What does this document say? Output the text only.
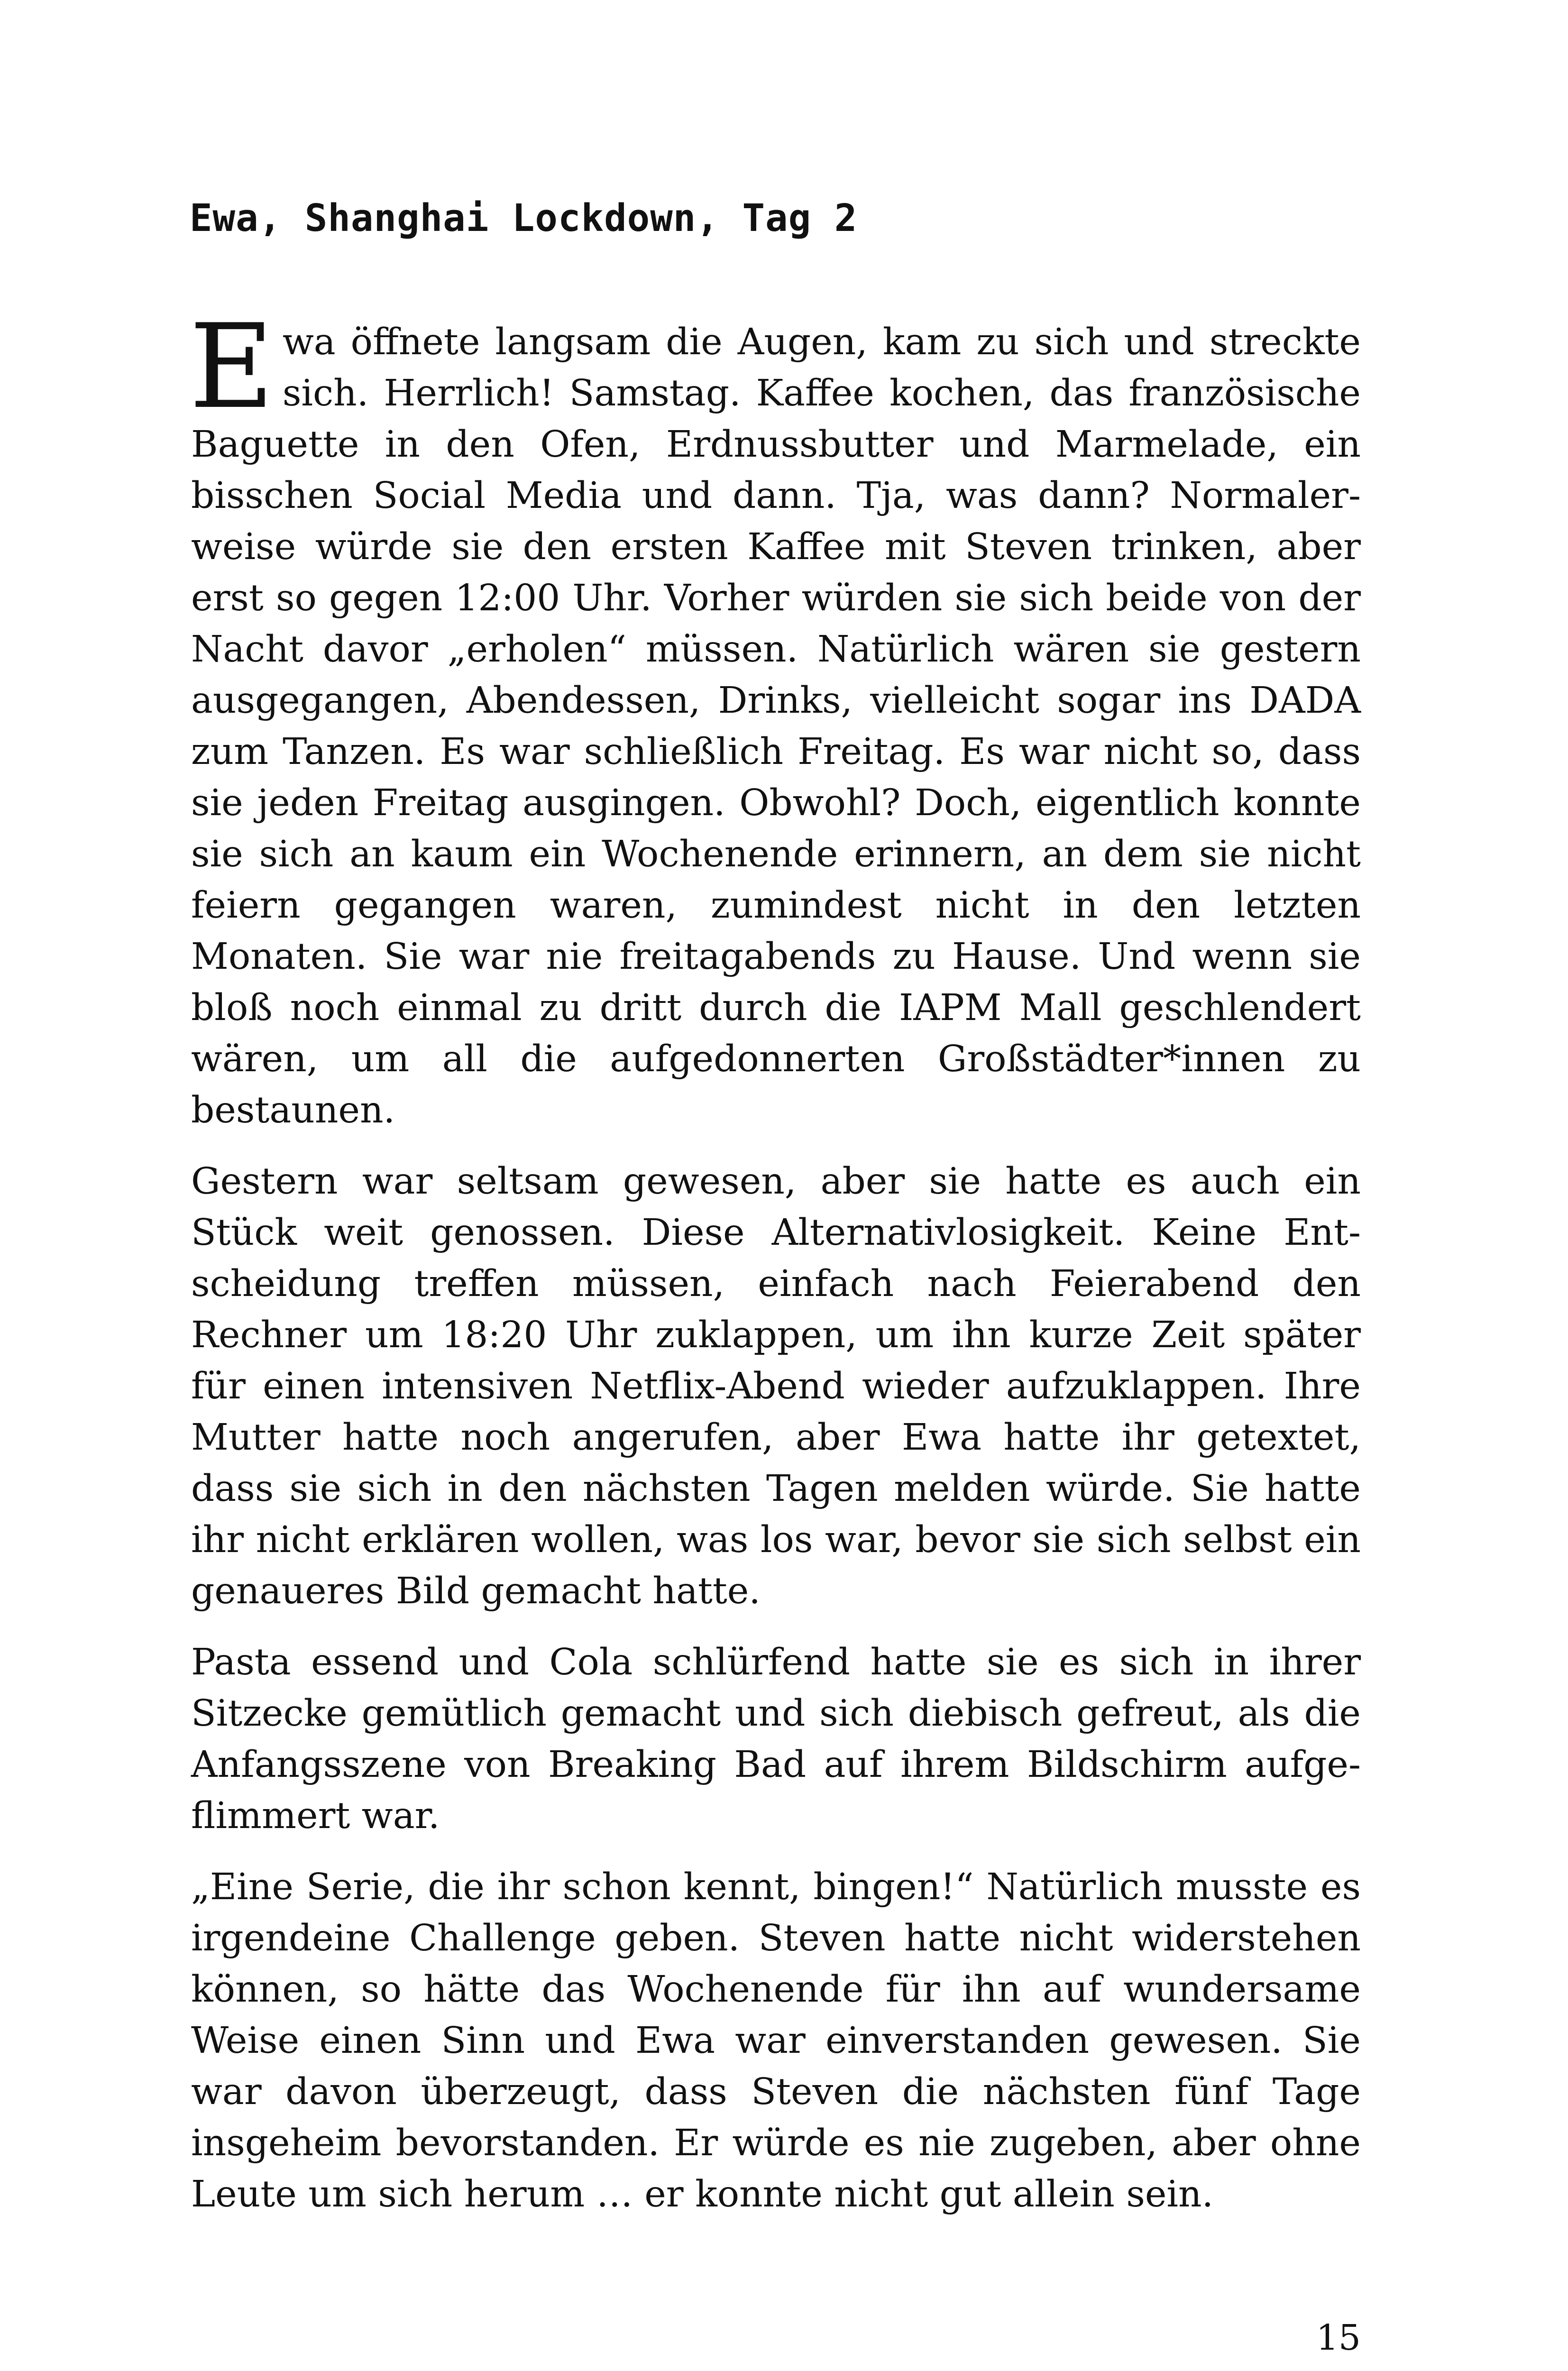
Ewa, Shanghai Lockdown, Tag 2

Ewa öffnete langsam die Augen, kam zu sich und streckte sich. Herrlich! Samstag. Kaffee kochen, das französische Baguette in den Ofen, Erdnussbutter und Marmelade, ein bisschen Social Media und dann. Tja, was dann? Normalerweise würde sie den ersten Kaffee mit Steven trinken, aber erst so gegen 12:00 Uhr. Vorher würden sie sich beide von der Nacht davor „erholen“ müssen. Natürlich wären sie gestern ausgegangen, Abendessen, Drinks, vielleicht sogar ins DADA zum Tanzen. Es war schließlich Freitag. Es war nicht so, dass sie jeden Freitag ausgingen. Obwohl? Doch, eigentlich konnte sie sich an kaum ein Wochenende erinnern, an dem sie nicht feiern gegangen waren, zumindest nicht in den letzten Monaten. Sie war nie freitagabends zu Hause. Und wenn sie bloß noch einmal zu dritt durch die IAPM Mall geschlendert wären, um all die aufgedonnerten Großstädter*innen zu bestaunen.

Gestern war seltsam gewesen, aber sie hatte es auch ein Stück weit genossen. Diese Alternativlosigkeit. Keine Entscheidung treffen müssen, einfach nach Feierabend den Rechner um 18:20 Uhr zuklappen, um ihn kurze Zeit später für einen intensiven Netflix-Abend wieder aufzuklappen. Ihre Mutter hatte noch angerufen, aber Ewa hatte ihr getextet, dass sie sich in den nächsten Tagen melden würde. Sie hatte ihr nicht erklären wollen, was los war, bevor sie sich selbst ein genaueres Bild gemacht hatte.

Pasta essend und Cola schlürfend hatte sie es sich in ihrer Sitzecke gemütlich gemacht und sich diebisch gefreut, als die Anfangsszene von Breaking Bad auf ihrem Bildschirm aufgeflimmert war.

„Eine Serie, die ihr schon kennt, bingen!“ Natürlich musste es irgendeine Challenge geben. Steven hatte nicht widerstehen können, so hätte das Wochenende für ihn auf wundersame Weise einen Sinn und Ewa war einverstanden gewesen. Sie war davon überzeugt, dass Steven die nächsten fünf Tage insgeheim bevorstanden. Er würde es nie zugeben, aber ohne Leute um sich herum … er konnte nicht gut allein sein.

15
